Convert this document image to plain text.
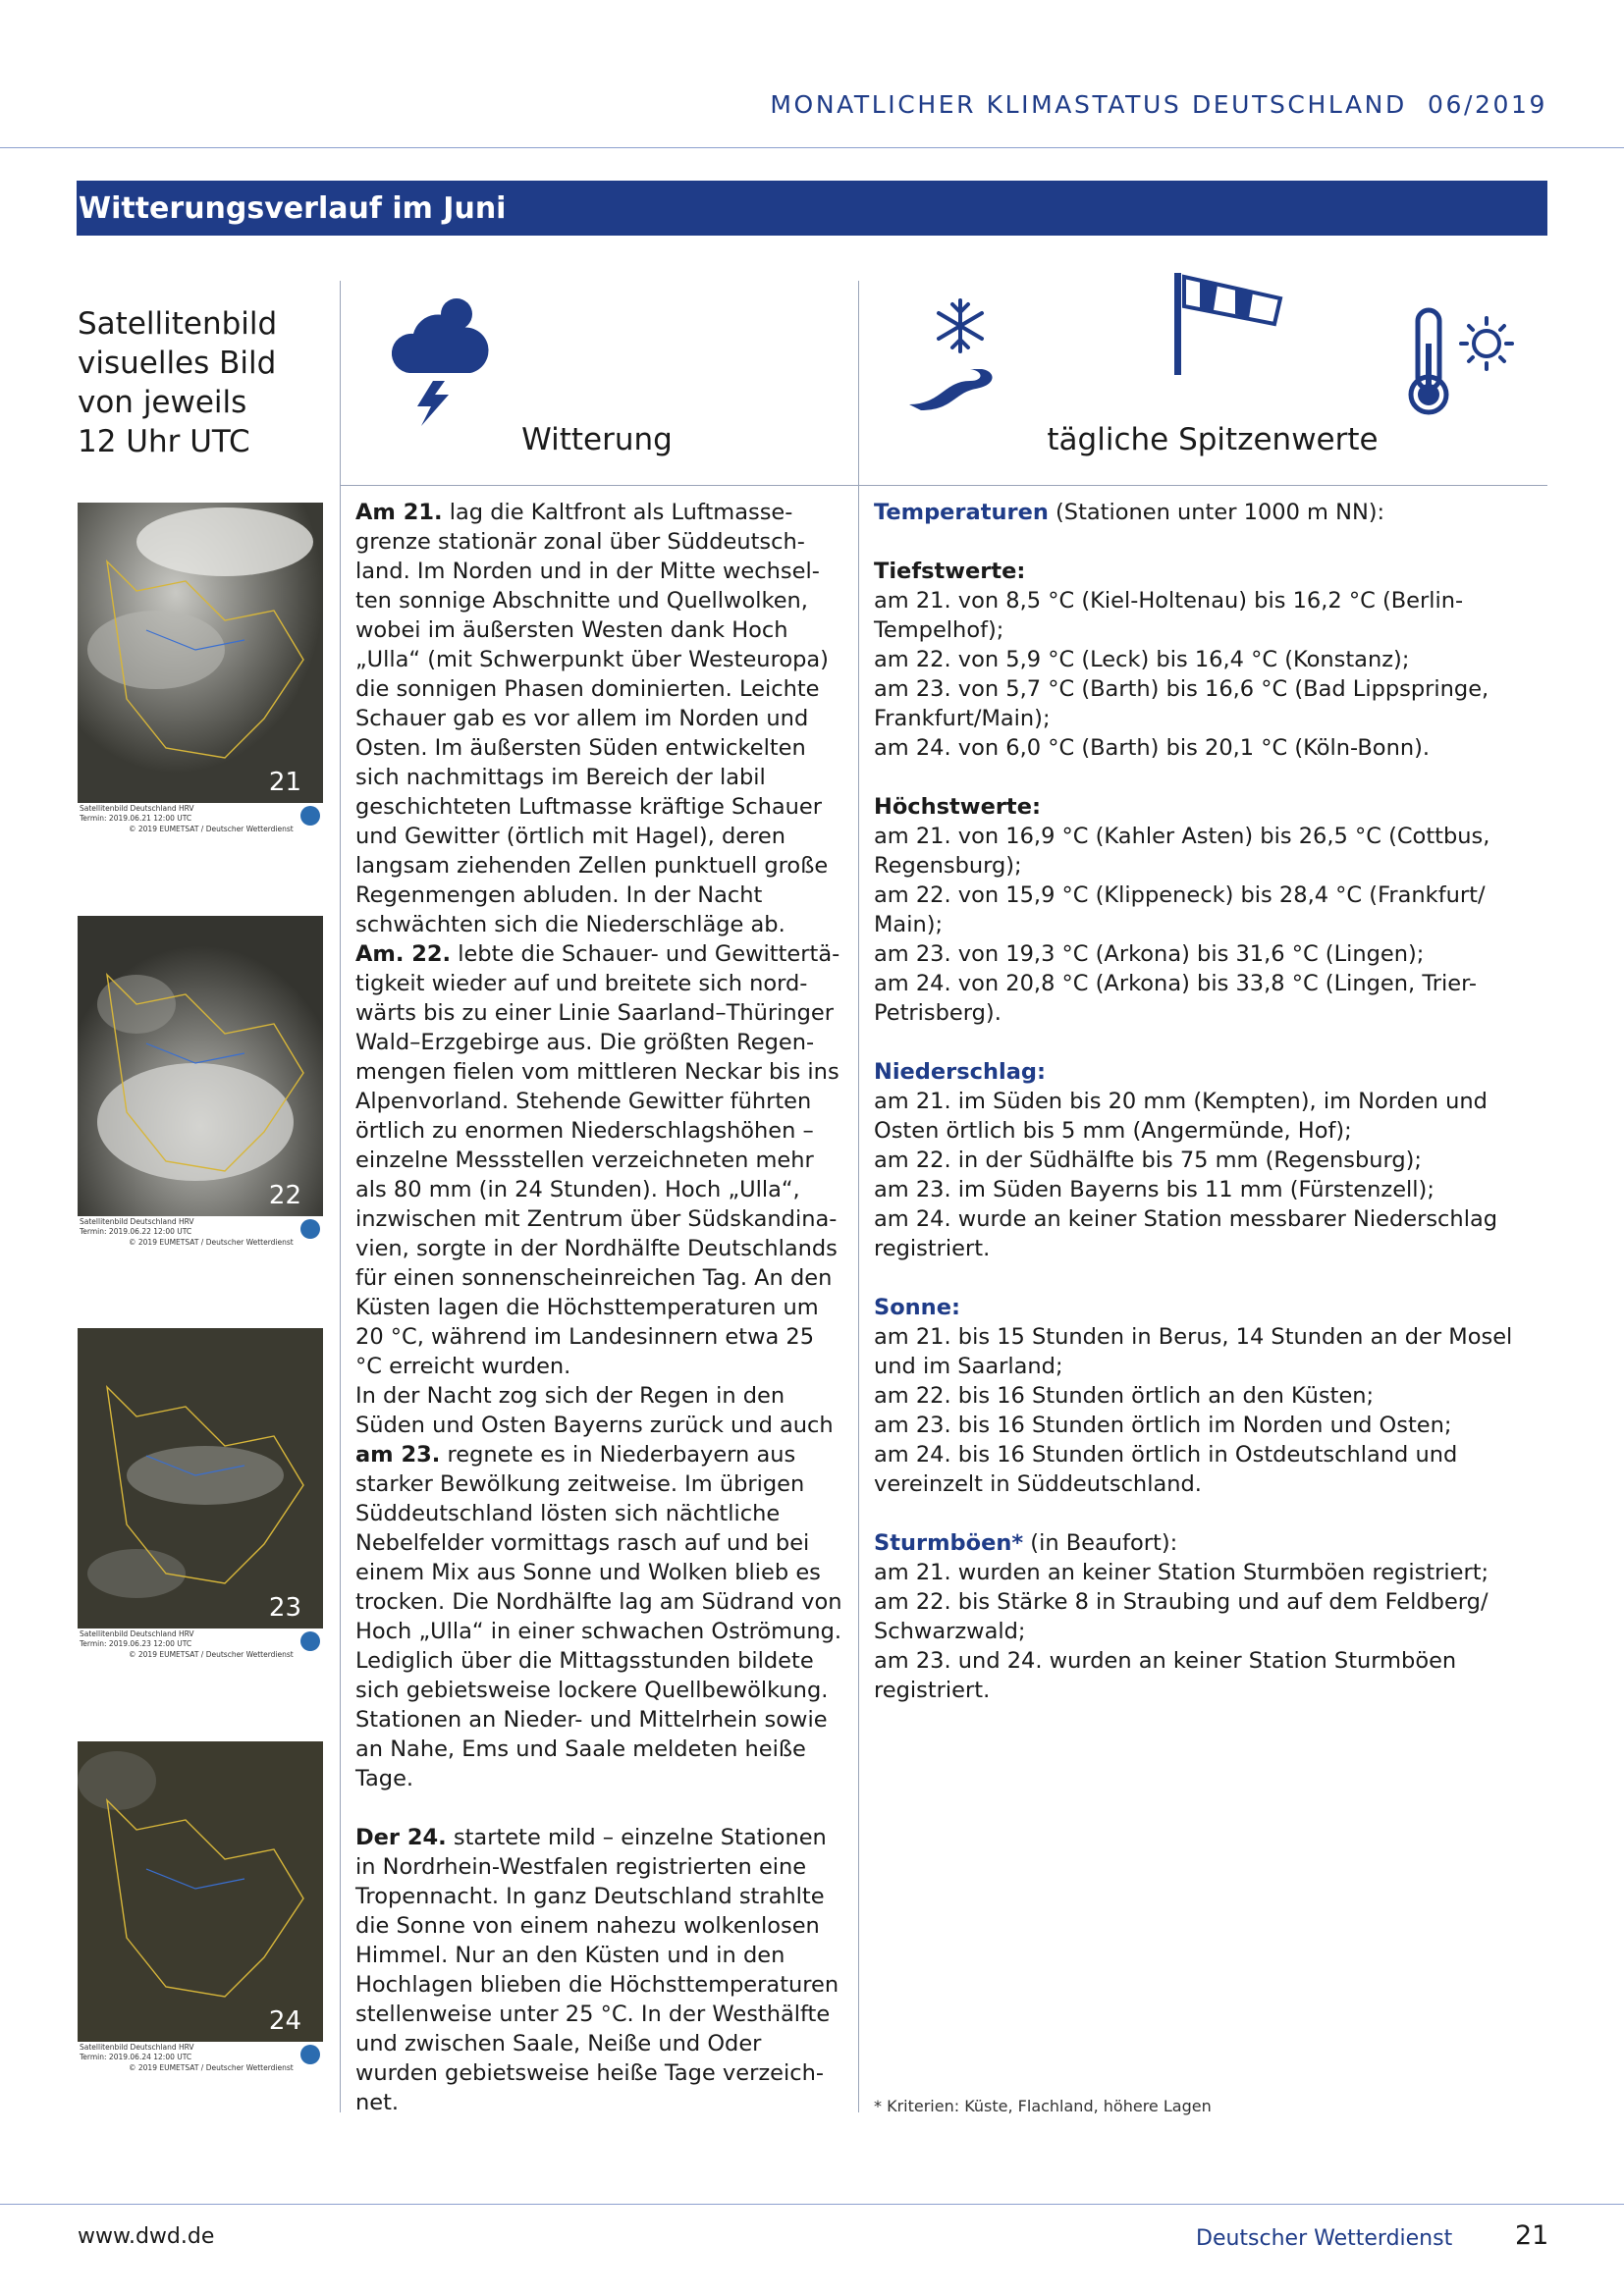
MONATLICHER KLIMASTATUS DEUTSCHLAND 06/2019
Witterungsverlauf im Juni
Satellitenbild
visuelles Bild
von jeweils
12 Uhr UTC	Witterung	tägliche Spitzenwerte
21
Satellitenbild Deutschland HRV
Termin: 2019.06.21 12:00 UTC
© 2019 EUMETSAT / Deutscher Wetterdienst
22
Satellitenbild Deutschland HRV
Termin: 2019.06.22 12:00 UTC
© 2019 EUMETSAT / Deutscher Wetterdienst
23
Satellitenbild Deutschland HRV
Termin: 2019.06.23 12:00 UTC
© 2019 EUMETSAT / Deutscher Wetterdienst
24
Satellitenbild Deutschland HRV
Termin: 2019.06.24 12:00 UTC
© 2019 EUMETSAT / Deutscher Wetterdienst

Am 21. lag die Kaltfront als Luftmassegrenze stationär zonal über Süddeutschland. Im Norden und in der Mitte wechselten sonnige Abschnitte und Quellwolken, wobei im äußersten Westen dank Hoch „Ulla“ (mit Schwerpunkt über Westeuropa) die sonnigen Phasen dominierten. Leichte Schauer gab es vor allem im Norden und Osten. Im äußersten Süden entwickelten sich nachmittags im Bereich der labil geschichteten Luftmasse kräftige Schauer und Gewitter (örtlich mit Hagel), deren langsam ziehenden Zellen punktuell große Regenmengen abluden. In der Nacht schwächten sich die Niederschläge ab.

Am. 22. lebte die Schauer- und Gewittertätigkeit wieder auf und breitete sich nordwärts bis zu einer Linie Saarland–Thüringer Wald–Erzgebirge aus. Die größten Regenmengen fielen vom mittleren Neckar bis ins Alpenvorland. Stehende Gewitter führten örtlich zu enormen Niederschlagshöhen – einzelne Messstellen verzeichneten mehr als 80 mm (in 24 Stunden). Hoch „Ulla“, inzwischen mit Zentrum über Südskandinavien, sorgte in der Nordhälfte Deutschlands für einen sonnenscheinreichen Tag. An den Küsten lagen die Höchsttemperaturen um 20 °C, während im Landesinnern etwa 25 °C erreicht wurden.

In der Nacht zog sich der Regen in den Süden und Osten Bayerns zurück und auch am 23. regnete es in Niederbayern aus starker Bewölkung zeitweise. Im übrigen Süddeutschland lösten sich nächtliche Nebelfelder vormittags rasch auf und bei einem Mix aus Sonne und Wolken blieb es trocken. Die Nordhälfte lag am Südrand von Hoch „Ulla“ in einer schwachen Oströmung. Lediglich über die Mittagsstunden bildete sich gebietsweise lockere Quellbewölkung. Stationen an Nieder- und Mittelrhein sowie an Nahe, Ems und Saale meldeten heiße Tage.

Der 24. startete mild – einzelne Stationen in Nordrhein-Westfalen registrierten eine Tropennacht. In ganz Deutschland strahlte die Sonne von einem nahezu wolkenlosen Himmel. Nur an den Küsten und in den Hochlagen blieben die Höchsttemperaturen stellenweise unter 25 °C. In der Westhälfte und zwischen Saale, Neiße und Oder wurden gebietsweise heiße Tage verzeichnet.

Temperaturen (Stationen unter 1000 m NN):

Tiefstwerte:

am 21. von 8,5 °C (Kiel-Holtenau) bis 16,2 °C (Berlin-Tempelhof);

am 22. von 5,9 °C (Leck) bis 16,4 °C (Konstanz);

am 23. von 5,7 °C (Barth) bis 16,6 °C (Bad Lippspringe, Frankfurt/Main);

am 24. von 6,0 °C (Barth) bis 20,1 °C (Köln-Bonn).

Höchstwerte:

am 21. von 16,9 °C (Kahler Asten) bis 26,5 °C (Cottbus, Regensburg);

am 22. von 15,9 °C (Klippeneck) bis 28,4 °C (Frankfurt/ Main);

am 23. von 19,3 °C (Arkona) bis 31,6 °C (Lingen);

am 24. von 20,8 °C (Arkona) bis 33,8 °C (Lingen, Trier-Petrisberg).

Niederschlag:

am 21. im Süden bis 20 mm (Kempten), im Norden und Osten örtlich bis 5 mm (Angermünde, Hof);

am 22. in der Südhälfte bis 75 mm (Regensburg);

am 23. im Süden Bayerns bis 11 mm (Fürstenzell);

am 24. wurde an keiner Station messbarer Niederschlag registriert.

Sonne:

am 21. bis 15 Stunden in Berus, 14 Stunden an der Mosel und im Saarland;

am 22. bis 16 Stunden örtlich an den Küsten;

am 23. bis 16 Stunden örtlich im Norden und Osten;

am 24. bis 16 Stunden örtlich in Ostdeutschland und vereinzelt in Süddeutschland.

Sturmböen* (in Beaufort):

am 21. wurden an keiner Station Sturmböen registriert;

am 22. bis Stärke 8 in Straubing und auf dem Feldberg/ Schwarzwald;

am 23. und 24. wurden an keiner Station Sturmböen registriert.

* Kriterien: Küste, Flachland, höhere Lagen
www.dwd.de	Deutscher Wetterdienst 21
